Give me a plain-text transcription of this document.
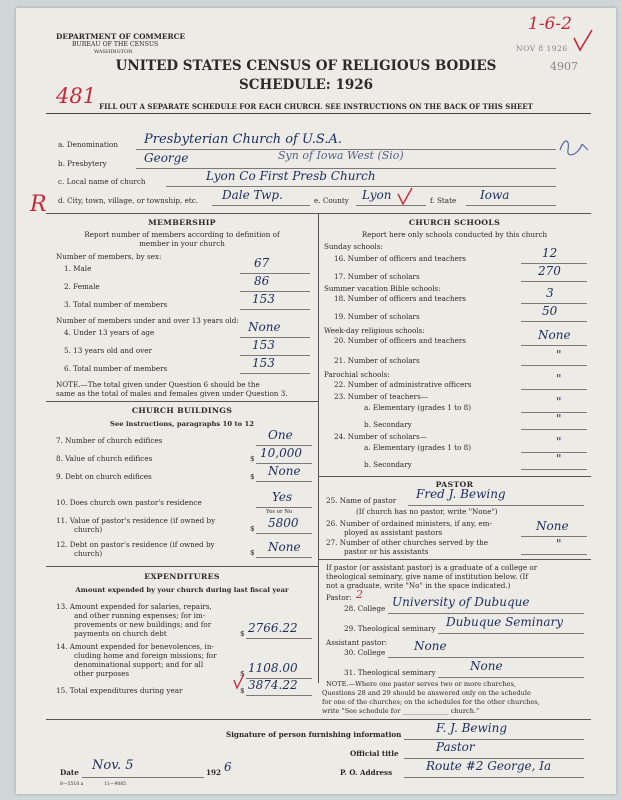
DEPARTMENT OF COMMERCE
BUREAU OF THE CENSUS
WASHINGTON
UNITED STATES CENSUS OF RELIGIOUS BODIES
SCHEDULE: 1926
FILL OUT A SEPARATE SCHEDULE FOR EACH CHURCH. SEE INSTRUCTIONS ON THE BACK OF THIS SHEET
NOV 8 1926
4907
1-6-2
481
R
a. Denomination Presbyterian Church of U.S.A.
b. Presbytery	George	Syn of Iowa West (Sio)
c. Local name of church	Lyon Co First Presb Church
d. City, town, village, or township, etc. Dale Twp.	e. County Lyon	f. State Iowa
MEMBERSHIP
Report number of members according to definition of
member in your church
Number of members, by sex:
1. Male	67
2. Female	86
3. Total number of members	153
Number of members under and over 13 years old:
4. Under 13 years of age	None
5. 13 years old and over	153
6. Total number of members	153
NOTE.—The total given under Question 6 should be the
same as the total of males and females given under Question 3.
CHURCH BUILDINGS
See instructions, paragraphs 10 to 12
7. Number of church edifices	One
8. Value of church edifices	$ 10,000
9. Debt on church edifices	$ None
10. Does church own pastor's residence	Yes
Yes or No
11. Value of pastor's residence (if owned by
church)	$ 5800
12. Debt on pastor's residence (if owned by
church)	$ None
EXPENDITURES
Amount expended by your church during last fiscal year
13. Amount expended for salaries, repairs,
and other running expenses; for im-
provements or new buildings; and for
payments on church debt	$ 2766.22
14. Amount expended for benevolences, in-
cluding home and foreign missions; for
denominational support; and for all
other purposes	$ 1108.00
15. Total expenditures during year	$ 3874.22
CHURCH SCHOOLS
Report here only schools conducted by this church
Sunday schools:
16. Number of officers and teachers	12
17. Number of scholars	270
Summer vacation Bible schools:
18. Number of officers and teachers	3
19. Number of scholars	50
Week-day religious schools:
20. Number of officers and teachers	None
21. Number of scholars	"
Parochial schools:
22. Number of administrative officers	"
23. Number of teachers—
a. Elementary (grades 1 to 8)	"
b. Secondary	"
24. Number of scholars—
a. Elementary (grades 1 to 8)	"
b. Secondary	"
PASTOR
25. Name of pastor Fred J. Bewing
(If church has no pastor, write "None")
26. Number of ordained ministers, if any, em-
ployed as assistant pastors	None
27. Number of other churches served by the
pastor or his assistants
"
If pastor (or assistant pastor) is a graduate of a college or
theological seminary, give name of institution below. (If
not a graduate, write "No" in the space indicated.)
Pastor: 2
28. College University of Dubuque
29. Theological seminary Dubuque Seminary
Assistant pastor:
30. College None
31. Theological seminary	None
NOTE.—Where one pastor serves two or more churches,
Questions 28 and 29 should be answered only on the schedule
for one of the churches; on the schedules for the other churches,
write "See schedule for ______________ church."
Signature of person furnishing information	F. J. Bewing
Official title	Pastor
Date Nov. 5	192 6	P. O. Address	Route #2 George, Ia
8—5518 a	11—9085
